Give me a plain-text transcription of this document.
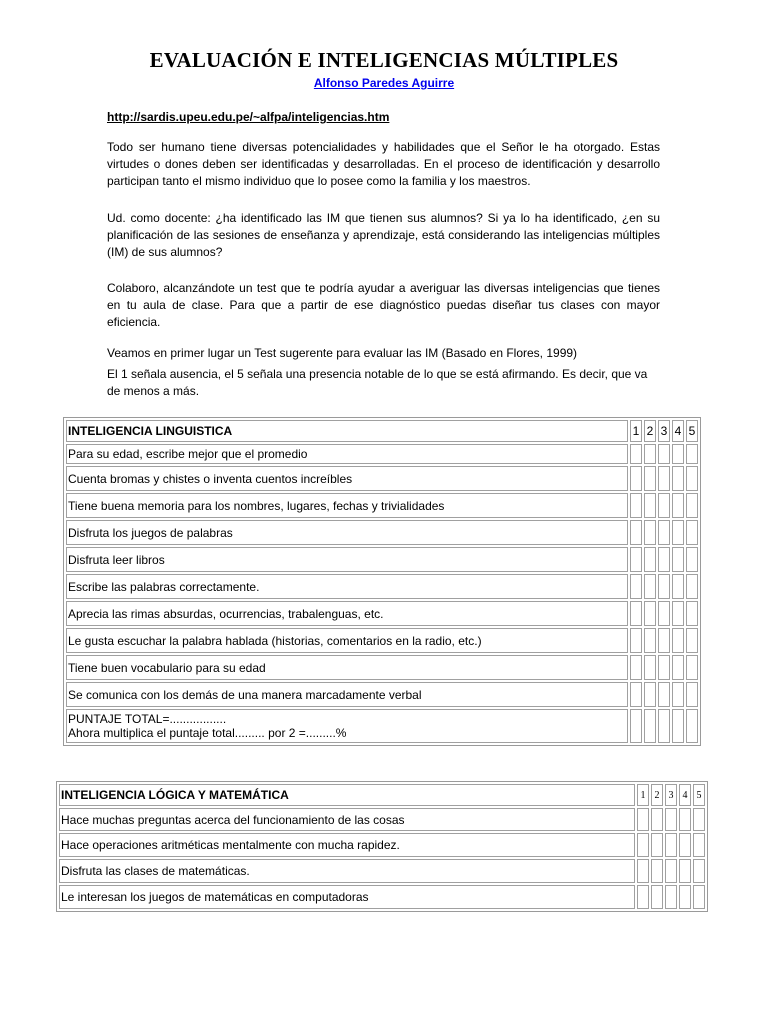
EVALUACIÓN E INTELIGENCIAS MÚLTIPLES
Alfonso Paredes Aguirre
http://sardis.upeu.edu.pe/~alfpa/inteligencias.htm

Todo ser humano tiene diversas potencialidades y habilidades que el Señor le ha otorgado. Estas virtudes o dones deben ser identificadas y desarrolladas. En el proceso de identificación y desarrollo participan tanto el mismo individuo que lo posee como la familia y los maestros.

Ud. como docente: ¿ha identificado las IM que tienen sus alumnos? Si ya lo ha identificado, ¿en su planificación de las sesiones de enseñanza y aprendizaje, está considerando las inteligencias múltiples (IM) de sus alumnos?

Colaboro, alcanzándote un test que te podría ayudar a averiguar las diversas inteligencias que tienes en tu aula de clase. Para que a partir de ese diagnóstico puedas diseñar tus clases con mayor eficiencia.

Veamos en primer lugar un Test sugerente para evaluar las IM (Basado en Flores, 1999)

El 1 señala ausencia, el 5 señala una presencia notable de lo que se está afirmando. Es decir, que va de menos a más.

INTELIGENCIA LINGUISTICA	1	2	3	4	5
Para su edad, escribe mejor que el promedio					
Cuenta bromas y chistes o inventa cuentos increíbles					
Tiene buena memoria para los nombres, lugares, fechas y trivialidades					
Disfruta los juegos de palabras					
Disfruta leer libros					
Escribe las palabras correctamente.					
Aprecia las rimas absurdas, ocurrencias, trabalenguas, etc.					
Le gusta escuchar la palabra hablada (historias, comentarios en la radio, etc.)					
Tiene buen vocabulario para su edad					
Se comunica con los demás de una manera marcadamente verbal					

PUNTAJE TOTAL=.................
Ahora multiplica el puntaje total......... por 2 =.........%					

INTELIGENCIA LÓGICA Y MATEMÁTICA	1	2	3	4	5
Hace muchas preguntas acerca del funcionamiento de las cosas					
Hace operaciones aritméticas mentalmente con mucha rapidez.					
Disfruta las clases de matemáticas.					
Le interesan los juegos de matemáticas en computadoras					
